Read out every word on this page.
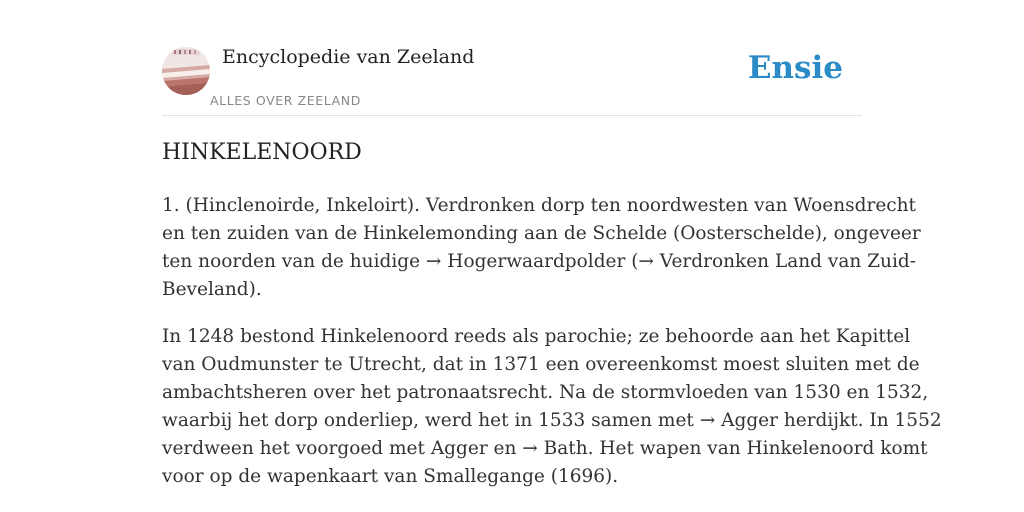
Encyclopedie van Zeeland
ALLES OVER ZEELAND
Ensie
HINKELENOORD

1. (Hinclenoirde, Inkeloirt). Verdronken dorp ten noordwesten van Woensdrecht
en ten zuiden van de Hinkelemonding aan de Schelde (Oosterschelde), ongeveer
ten noorden van de huidige → Hogerwaardpolder (→ Verdronken Land van Zuid-
Beveland).

In 1248 bestond Hinkelenoord reeds als parochie; ze behoorde aan het Kapittel
van Oudmunster te Utrecht, dat in 1371 een overeenkomst moest sluiten met de
ambachtsheren over het patronaatsrecht. Na de stormvloeden van 1530 en 1532,
waarbij het dorp onderliep, werd het in 1533 samen met → Agger herdijkt. In 1552
verdween het voorgoed met Agger en → Bath. Het wapen van Hinkelenoord komt
voor op de wapenkaart van Smallegange (1696).
